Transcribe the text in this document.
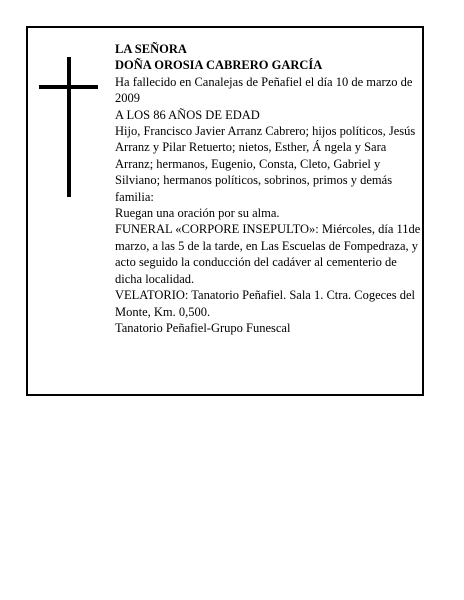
LA SEÑORA

DOÑA OROSIA CABRERO GARCÍA

Ha fallecido en Canalejas de Peñafiel el día 10 de marzo de 2009

A LOS 86 AÑOS DE EDAD

Hijo, Francisco Javier Arranz Cabrero; hijos políticos, Jesús Arranz y Pilar Retuerto; nietos, Esther, Á ngela y Sara Arranz; hermanos, Eugenio, Consta, Cleto, Gabriel y Silviano; hermanos políticos, sobrinos, primos y demás familia:

Ruegan una oración por su alma.

FUNERAL «CORPORE INSEPULTO»: Miércoles, día 11de marzo, a las 5 de la tarde, en Las Escuelas de Fompedraza, y acto seguido la conducción del cadáver al cementerio de dicha localidad.

VELATORIO: Tanatorio Peñafiel. Sala 1. Ctra. Cogeces del Monte, Km. 0,500.

Tanatorio Peñafiel-Grupo Funescal
